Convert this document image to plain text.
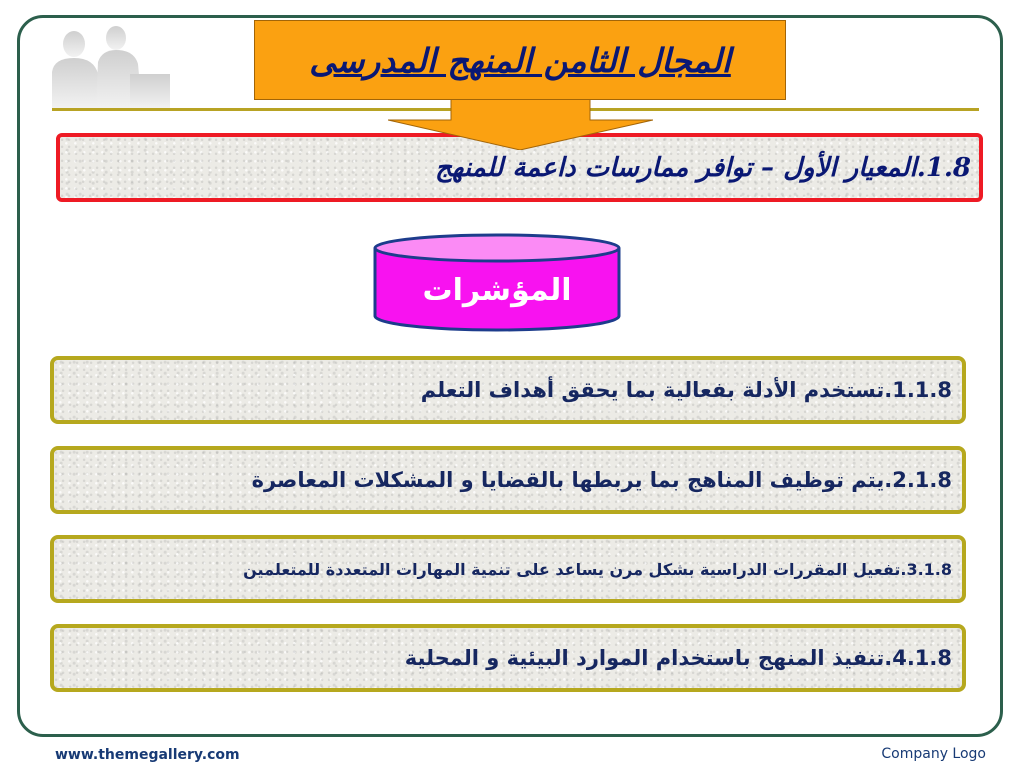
المجال الثامن المنهج المدرسى
1.8.المعيار الأول – توافر ممارسات داعمة للمنهج
المؤشرات
1.1.8.تستخدم الأدلة بفعالية بما يحقق أهداف التعلم
2.1.8.يتم توظيف المناهج بما يربطها بالقضايا و المشكلات المعاصرة
3.1.8.تفعيل المقررات الدراسية بشكل مرن يساعد على تنمية المهارات المتعددة للمتعلمين
4.1.8.تنفيذ المنهج باستخدام الموارد البيئية و المحلية
www.themegallery.com	Company Logo
